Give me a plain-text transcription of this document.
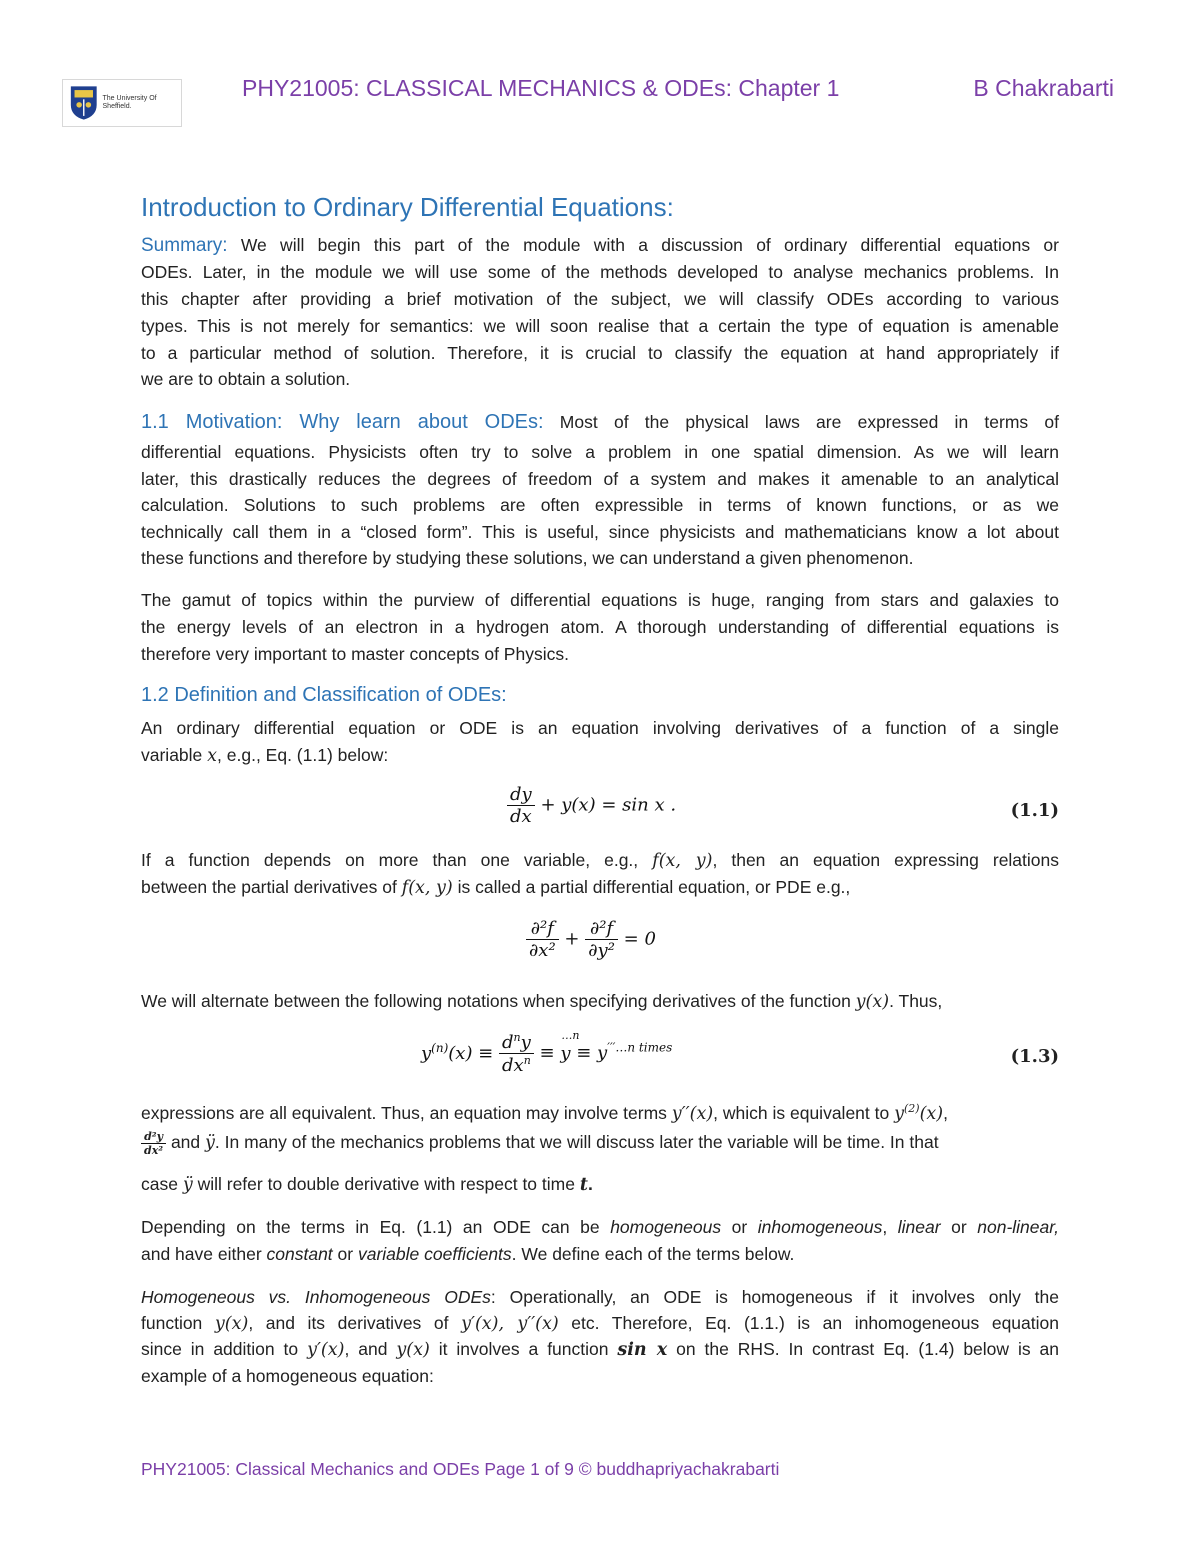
The University Of Sheffield.
PHY21005: CLASSICAL MECHANICS & ODEs: Chapter 1	B Chakrabarti
Introduction to Ordinary Differential Equations:
Summary: We will begin this part of the module with a discussion of ordinary differential equations or
ODEs. Later, in the module we will use some of the methods developed to analyse mechanics problems. In
this chapter after providing a brief motivation of the subject, we will classify ODEs according to various
types. This is not merely for semantics: we will soon realise that a certain the type of equation is amenable
to a particular method of solution. Therefore, it is crucial to classify the equation at hand appropriately if
we are to obtain a solution.
1.1 Motivation: Why learn about ODEs: Most of the physical laws are expressed in terms of
differential equations. Physicists often try to solve a problem in one spatial dimension. As we will learn
later, this drastically reduces the degrees of freedom of a system and makes it amenable to an analytical
calculation. Solutions to such problems are often expressible in terms of known functions, or as we
technically call them in a “closed form”. This is useful, since physicists and mathematicians know a lot about
these functions and therefore by studying these solutions, we can understand a given phenomenon.
The gamut of topics within the purview of differential equations is huge, ranging from stars and galaxies to
the energy levels of an electron in a hydrogen atom. A thorough understanding of differential equations is
therefore very important to master concepts of Physics.
1.2 Definition and Classification of ODEs:
An ordinary differential equation or ODE is an equation involving derivatives of a function of a single
variable x, e.g., Eq. (1.1) below:
$\frac{dy}{dx} + y(x) = \sin x$ .	(1.1)
If a function depends on more than one variable, e.g., f(x, y), then an equation expressing relations
between the partial derivatives of f(x, y) is called a partial differential equation, or PDE e.g.,
$\frac{\text{∂²f}}{\text{∂x²}} + \frac{\text{∂²f}}{\text{∂y²}} = 0$
We will alternate between the following notations when specifying derivatives of the function y(x). Thus,
$y^{(n)}(x) \equiv \frac{d^ny}{dx^n} \equiv y$
…n
≡ $y^{'''\dots n times}$	(1.3)
expressions are all equivalent. Thus, an equation may involve terms y′′(x), which is equivalent to $y^{(2)}(x)$,
$\frac{\text{d²y}}{\text{dx²}}$ and ÿ. In many of the mechanics problems that we will discuss later the variable will be time. In that
case ÿ will refer to double derivative with respect to time t.
Depending on the terms in Eq. (1.1) an ODE can be homogeneous or inhomogeneous, linear or non-linear,
and have either constant or variable coefficients. We define each of the terms below.
Homogeneous vs. Inhomogeneous ODEs: Operationally, an ODE is homogeneous if it involves only the
function y(x), and its derivatives of y′(x), y′′(x) etc. Therefore, Eq. (1.1.) is an inhomogeneous equation
since in addition to y′(x), and y(x) it involves a function sin x on the RHS. In contrast Eq. (1.4) below is an
example of a homogeneous equation:
PHY21005: Classical Mechanics and ODEs Page 1 of 9 © buddhapriyachakrabarti
